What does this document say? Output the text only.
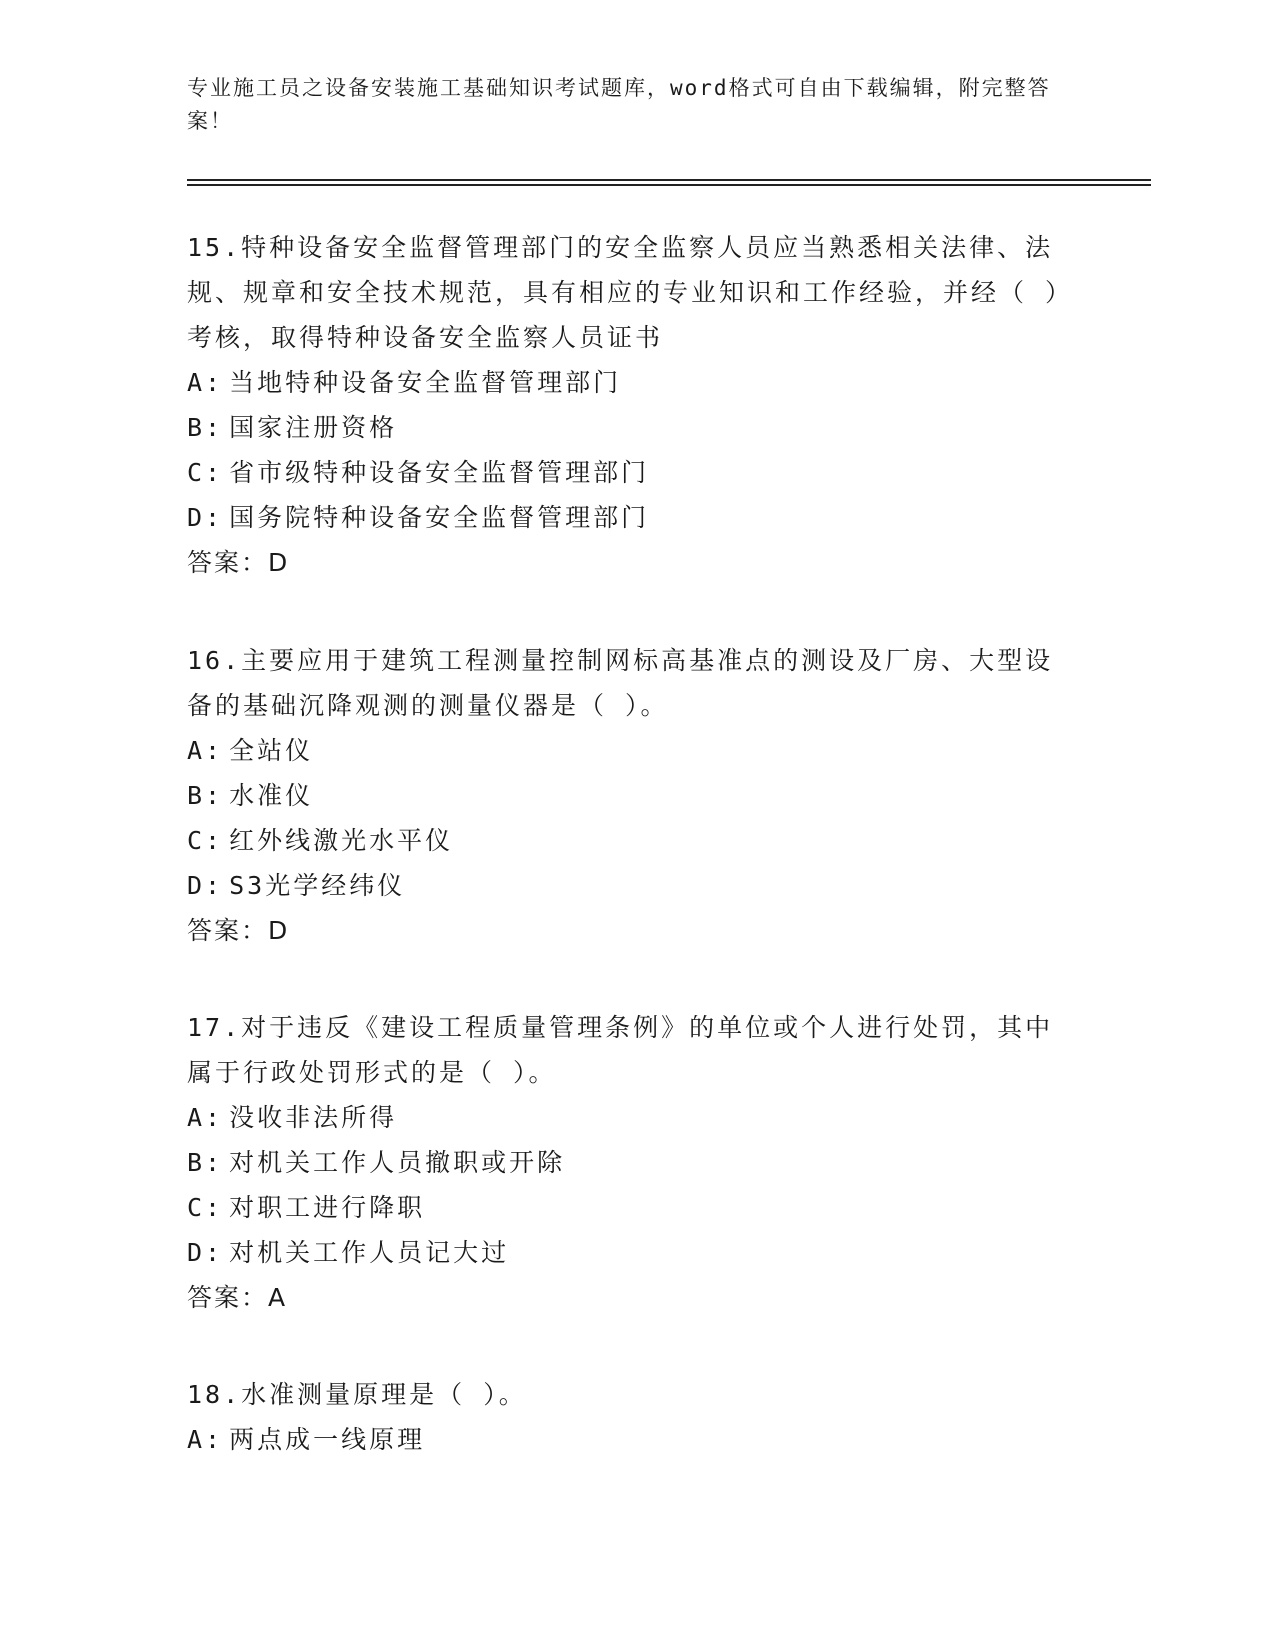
专业施工员之设备安装施工基础知识考试题库，word格式可自由下载编辑，附完整答案！
15.特种设备安全监督管理部门的安全监察人员应当熟悉相关法律、法规、规章和安全技术规范，具有相应的专业知识和工作经验，并经（ ）考核，取得特种设备安全监察人员证书
A: 当地特种设备安全监督管理部门
B: 国家注册资格
C: 省市级特种设备安全监督管理部门
D: 国务院特种设备安全监督管理部门
答案：D
16.主要应用于建筑工程测量控制网标高基准点的测设及厂房、大型设备的基础沉降观测的测量仪器是（ ）。
A: 全站仪
B: 水准仪
C: 红外线激光水平仪
D: S3光学经纬仪
答案：D
17.对于违反《建设工程质量管理条例》的单位或个人进行处罚，其中属于行政处罚形式的是（ ）。
A: 没收非法所得
B: 对机关工作人员撤职或开除
C: 对职工进行降职
D: 对机关工作人员记大过
答案：A
18.水准测量原理是（ ）。
A: 两点成一线原理
